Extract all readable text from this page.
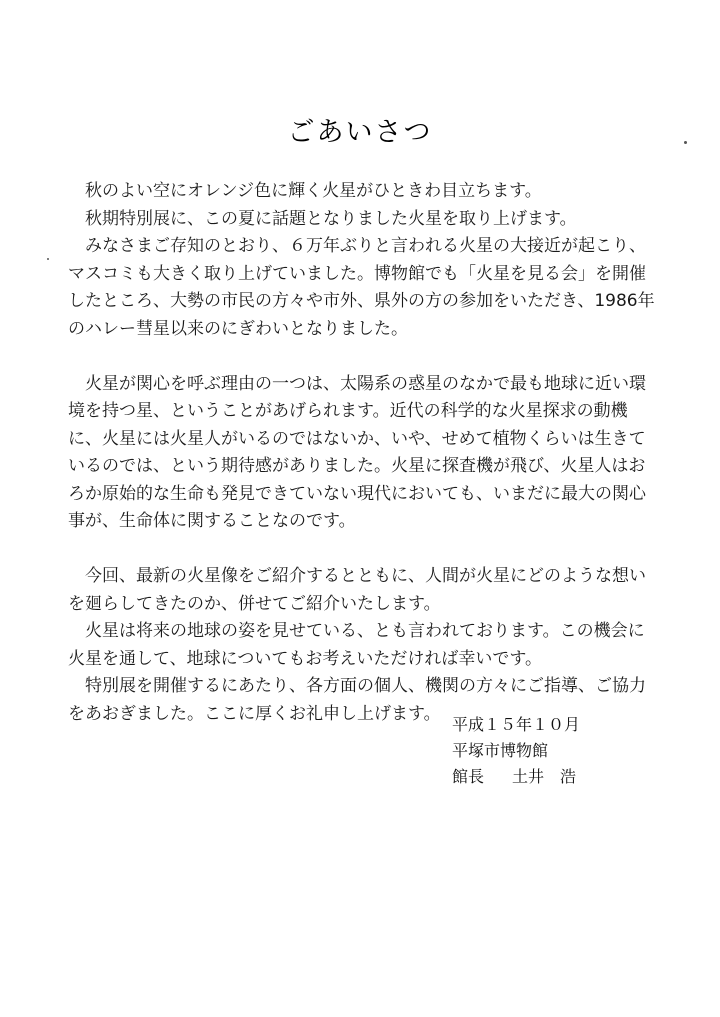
ごあいさつ

秋のよい空にオレンジ色に輝く火星がひときわ目立ちます。

秋期特別展に、この夏に話題となりました火星を取り上げます。

みなさまご存知のとおり、６万年ぶりと言われる火星の大接近が起こり、マスコミも大きく取り上げていました。博物館でも「火星を見る会」を開催したところ、大勢の市民の方々や市外、県外の方の参加をいただき、1986年のハレー彗星以来のにぎわいとなりました。

火星が関心を呼ぶ理由の一つは、太陽系の惑星のなかで最も地球に近い環境を持つ星、ということがあげられます。近代の科学的な火星探求の動機に、火星には火星人がいるのではないか、いや、せめて植物くらいは生きているのでは、という期待感がありました。火星に探査機が飛び、火星人はおろか原始的な生命も発見できていない現代においても、いまだに最大の関心事が、生命体に関することなのです。

今回、最新の火星像をご紹介するとともに、人間が火星にどのような想いを廻らしてきたのか、併せてご紹介いたします。

火星は将来の地球の姿を見せている、とも言われております。この機会に火星を通して、地球についてもお考えいただければ幸いです。

特別展を開催するにあたり、各方面の個人、機関の方々にご指導、ご協力をあおぎました。ここに厚くお礼申し上げます。

平成１５年１０月
平塚市博物館
館長 土井　浩
